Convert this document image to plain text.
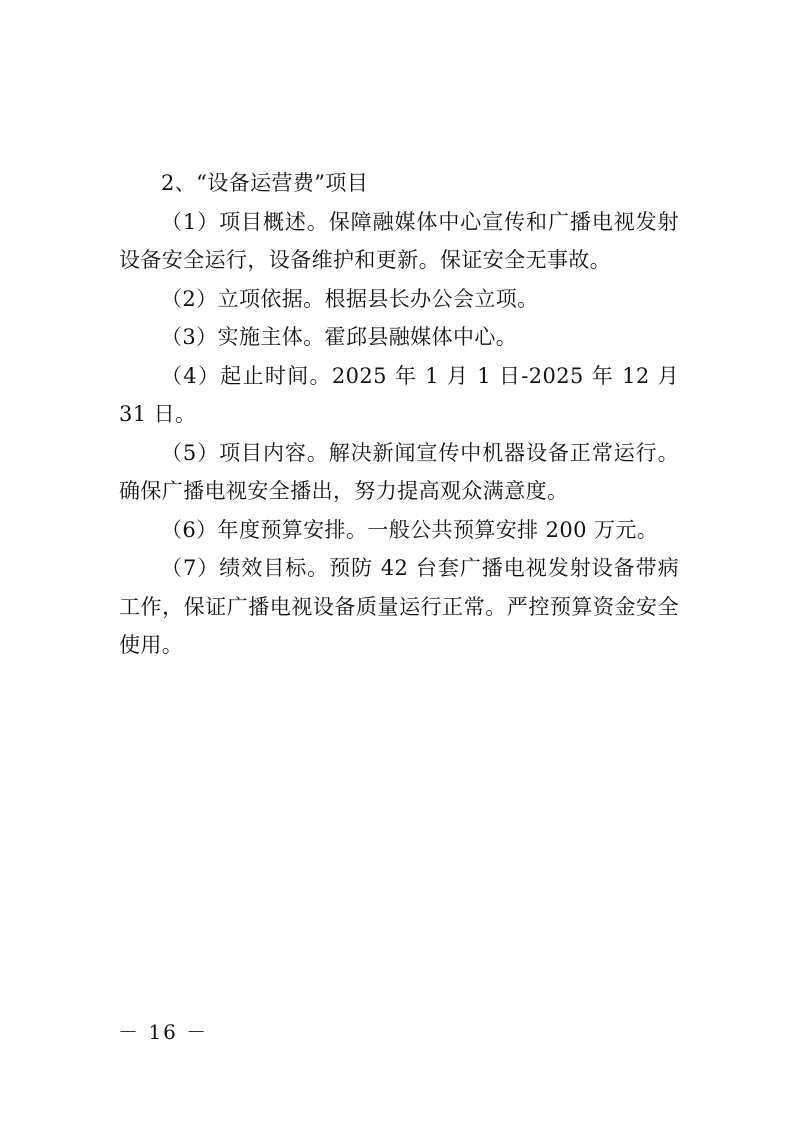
2、“设备运营费”项目

（1）项目概述。保障融媒体中心宣传和广播电视发射设备安全运行，设备维护和更新。保证安全无事故。

（2）立项依据。根据县长办公会立项。

（3）实施主体。霍邱县融媒体中心。

（4）起止时间。2025 年 1 月 1 日-2025 年 12 月 31 日。

（5）项目内容。解决新闻宣传中机器设备正常运行。确保广播电视安全播出，努力提高观众满意度。

（6）年度预算安排。一般公共预算安排 200 万元。

（7）绩效目标。预防 42 台套广播电视发射设备带病工作，保证广播电视设备质量运行正常。严控预算资金安全使用。

－ 16 －
